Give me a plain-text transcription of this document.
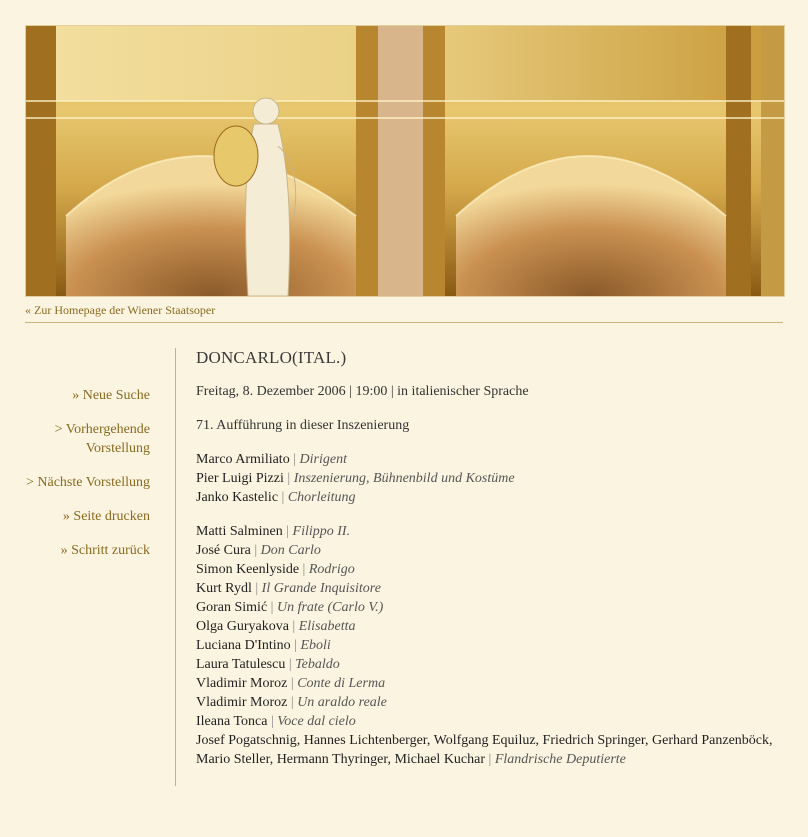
« Zur Homepage der Wiener Staatsoper
» Neue Suche
> Vorhergehende Vorstellung
> Nächste Vorstellung
» Seite drucken
» Schritt zurück
DONCARLO(ITAL.)
Freitag, 8. Dezember 2006 | 19:00 | in italienischer Sprache
71. Aufführung in dieser Inszenierung
Marco Armiliato | Dirigent
Pier Luigi Pizzi | Inszenierung, Bühnenbild und Kostüme
Janko Kastelic | Chorleitung
Matti Salminen | Filippo II.
José Cura | Don Carlo
Simon Keenlyside | Rodrigo
Kurt Rydl | Il Grande Inquisitore
Goran Simić | Un frate (Carlo V.)
Olga Guryakova | Elisabetta
Luciana D'Intino | Eboli
Laura Tatulescu | Tebaldo
Vladimir Moroz | Conte di Lerma
Vladimir Moroz | Un araldo reale
Ileana Tonca | Voce dal cielo
Josef Pogatschnig, Hannes Lichtenberger, Wolfgang Equiluz, Friedrich Springer, Gerhard Panzenböck, Mario Steller, Hermann Thyringer, Michael Kuchar | Flandrische Deputierte
